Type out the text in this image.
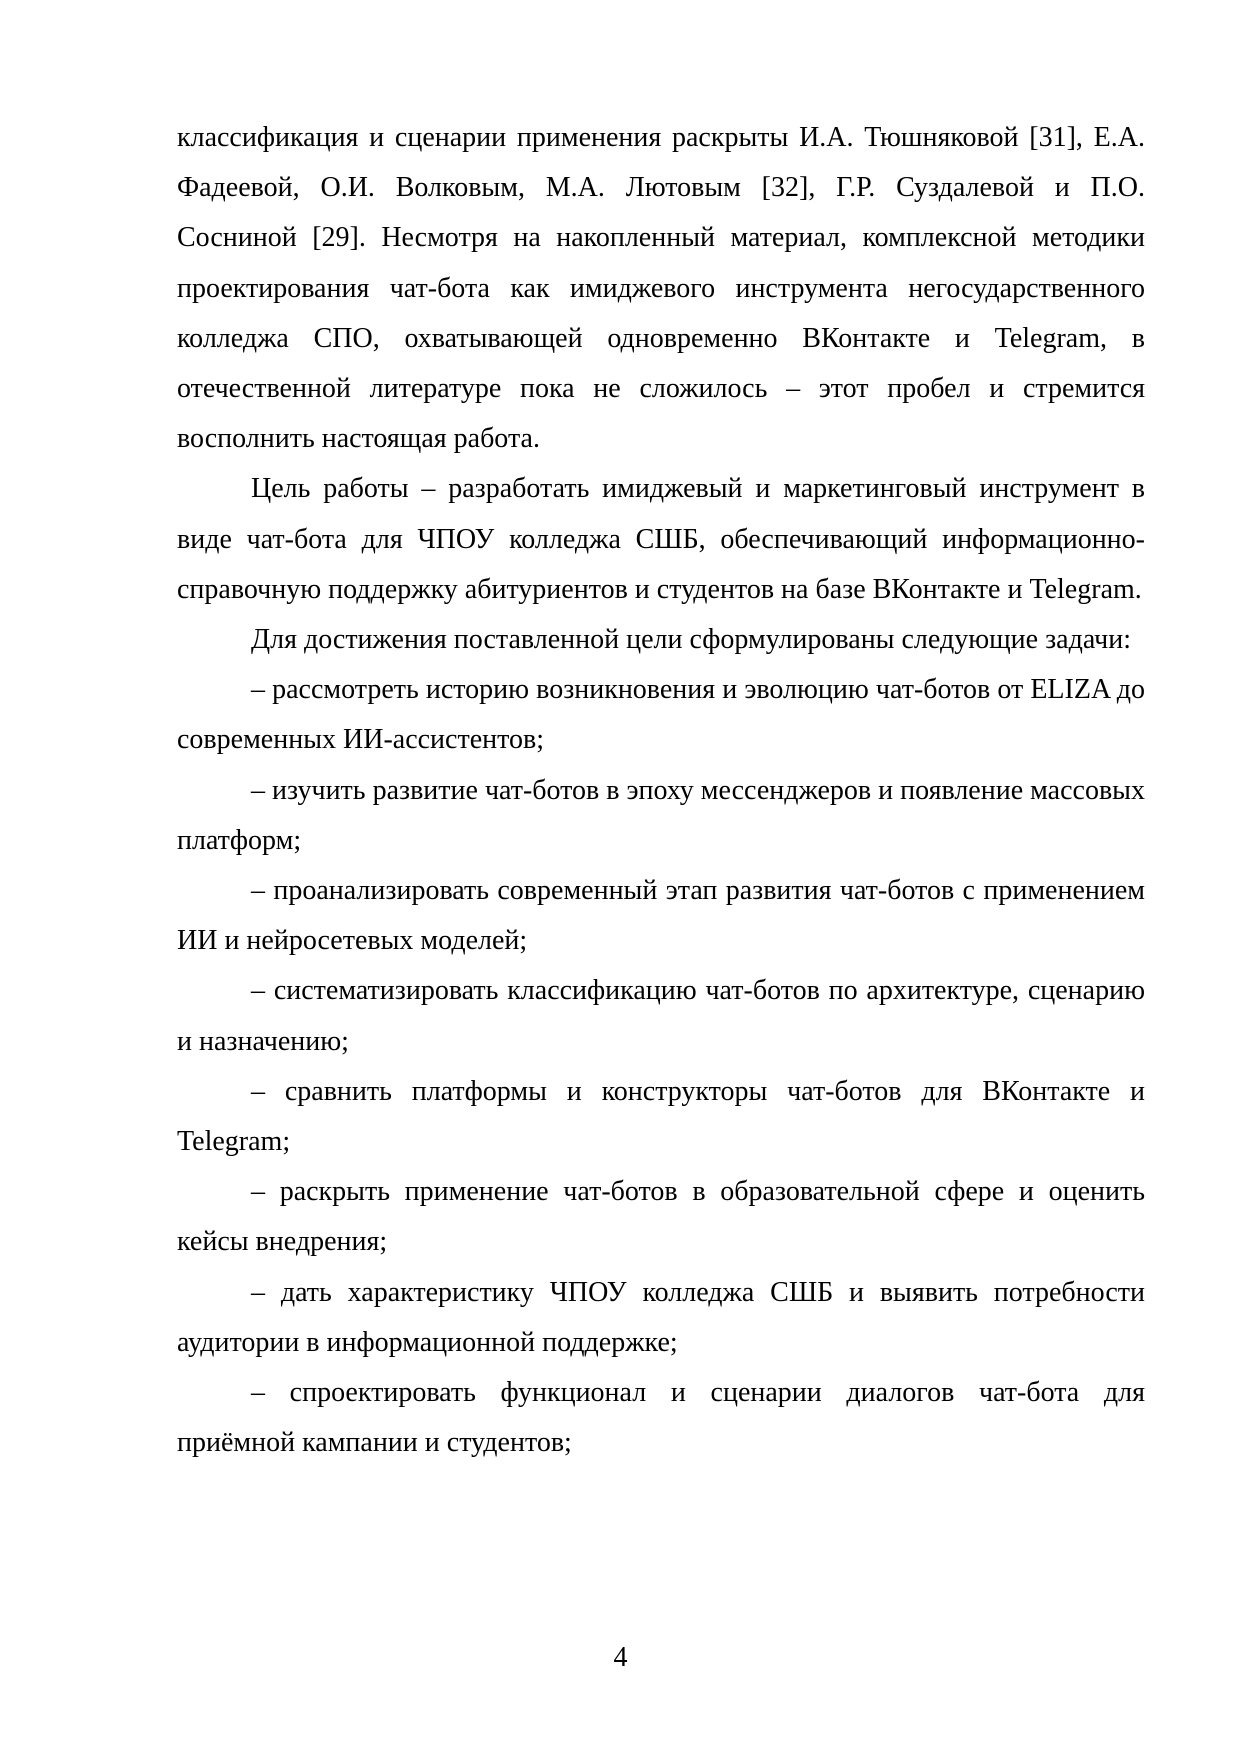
классификация и сценарии применения раскрыты И.А. Тюшняковой [31], Е.А. Фадеевой, О.И. Волковым, М.А. Лютовым [32], Г.Р. Суздалевой и П.О. Сосниной [29]. Несмотря на накопленный материал, комплексной методики проектирования чат-бота как имиджевого инструмента негосударственного колледжа СПО, охватывающей одновременно ВКонтакте и Telegram, в отечественной литературе пока не сложилось – этот пробел и стремится восполнить настоящая работа.

Цель работы – разработать имиджевый и маркетинговый инструмент в виде чат-бота для ЧПОУ колледжа СШБ, обеспечивающий информационно-справочную поддержку абитуриентов и студентов на базе ВКонтакте и Telegram.

Для достижения поставленной цели сформулированы следующие задачи:

– рассмотреть историю возникновения и эволюцию чат-ботов от ELIZA до современных ИИ-ассистентов;

– изучить развитие чат-ботов в эпоху мессенджеров и появление массовых платформ;

– проанализировать современный этап развития чат-ботов с применением ИИ и нейросетевых моделей;

– систематизировать классификацию чат-ботов по архитектуре, сценарию и назначению;

– сравнить платформы и конструкторы чат-ботов для ВКонтакте и Telegram;

– раскрыть применение чат-ботов в образовательной сфере и оценить кейсы внедрения;

– дать характеристику ЧПОУ колледжа СШБ и выявить потребности аудитории в информационной поддержке;

– спроектировать функционал и сценарии диалогов чат-бота для приёмной кампании и студентов;

4
